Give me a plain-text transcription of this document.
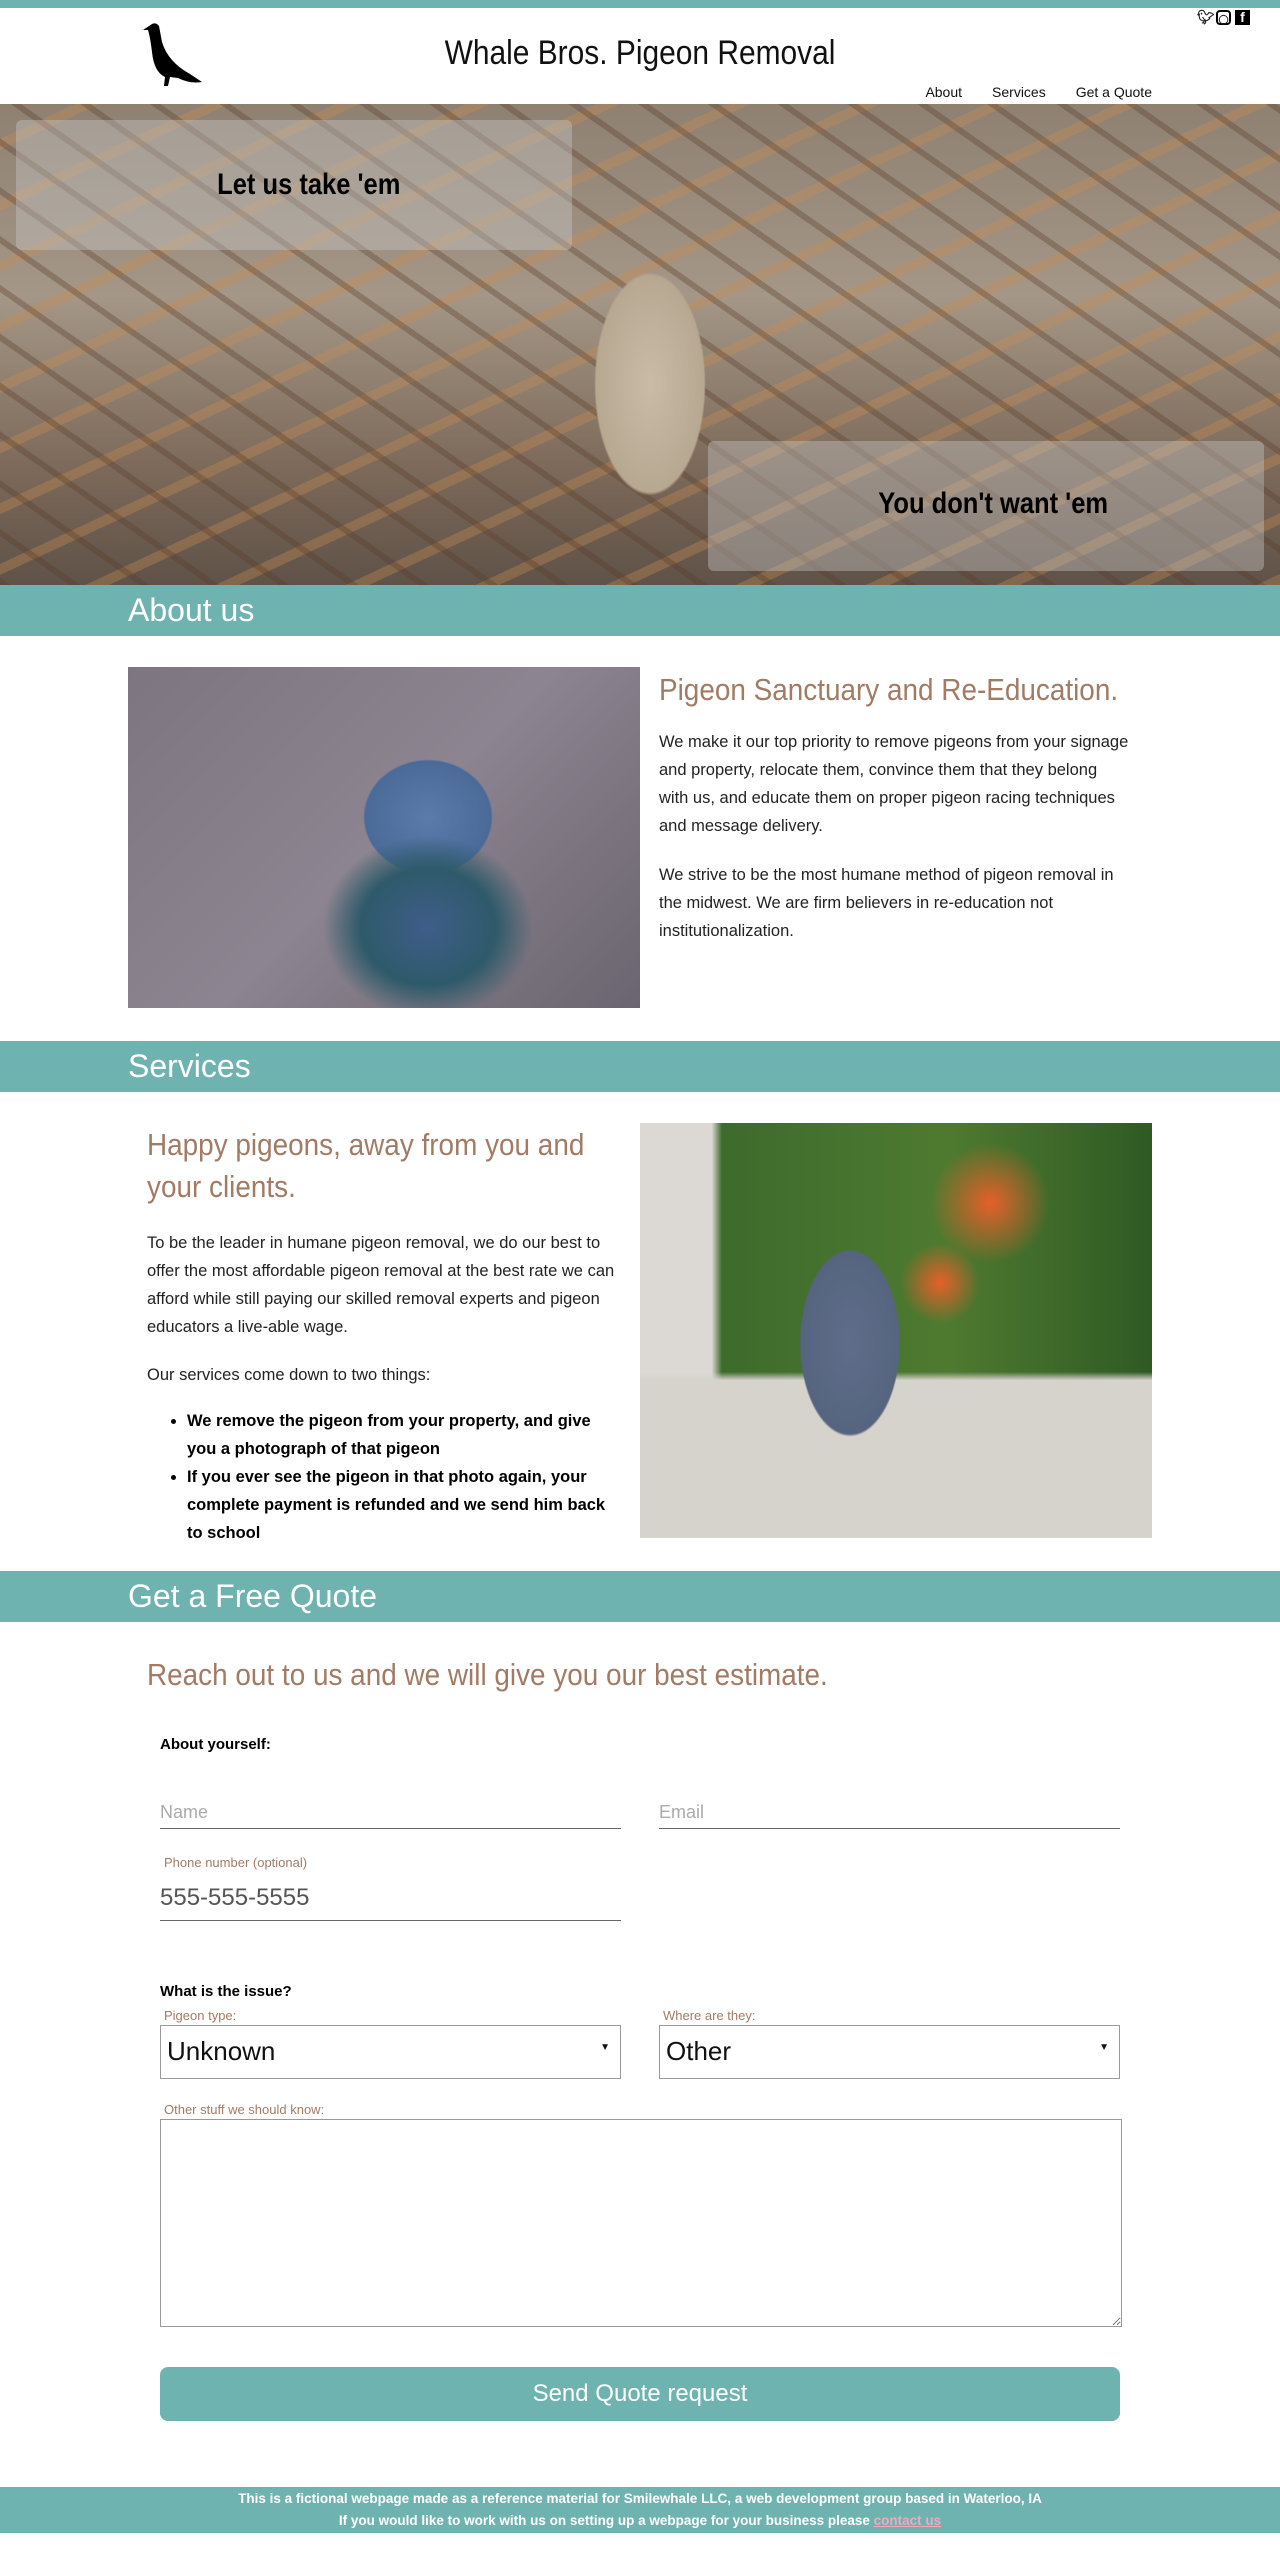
Whale Bros. Pigeon Removal
🐦︎ ◯ f
About Services Get a Quote
Let us take 'em
You don't want 'em
About us
Pigeon Sanctuary and Re-Education.
We make it our top priority to remove pigeons from your signage and property, relocate them, convince them that they belong with us, and educate them on proper pigeon racing techniques and message delivery.
We strive to be the most humane method of pigeon removal in the midwest. We are firm believers in re-education not institutionalization.
Services
Happy pigeons, away from you and your clients.
To be the leader in humane pigeon removal, we do our best to offer the most affordable pigeon removal at the best rate we can afford while still paying our skilled removal experts and pigeon educators a live-able wage.
Our services come down to two things:
• We remove the pigeon from your property, and give you a photograph of that pigeon
• If you ever see the pigeon in that photo again, your complete payment is refunded and we send him back to school
Get a Free Quote
Reach out to us and we will give you our best estimate.
About yourself:
Name
Email
Phone number (optional)
555-555-5555
What is the issue?
Pigeon type:	Where are they:
Unknown	▼ Other	▼
Other stuff we should know:
Send Quote request
This is a fictional webpage made as a reference material for Smilewhale LLC, a web development group based in Waterloo, IA
If you would like to work with us on setting up a webpage for your business please contact us
